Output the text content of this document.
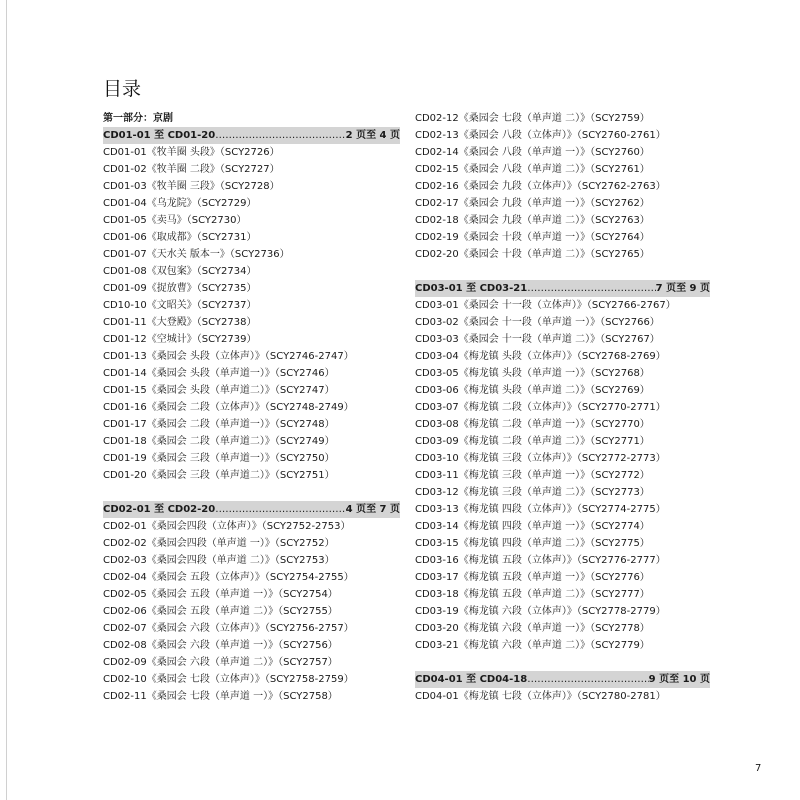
目录
第一部分：京剧
CD01-01 至 CD01-20 …………………………………………………………………………………………	2 页至 4 页
CD01-01《牧羊圈 头段》（SCY2726）
CD01-02《牧羊圈 二段》（SCY2727）
CD01-03《牧羊圈 三段》（SCY2728）
CD01-04《乌龙院》（SCY2729）
CD01-05《卖马》（SCY2730）
CD01-06《取成都》（SCY2731）
CD01-07《天水关 版本一》（SCY2736）
CD01-08《双包案》（SCY2734）
CD01-09《捉放曹》（SCY2735）
CD10-10《文昭关》（SCY2737）
CD01-11《大登殿》（SCY2738）
CD01-12《空城计》（SCY2739）
CD01-13《桑园会 头段（立体声）》（SCY2746-2747）
CD01-14《桑园会 头段（单声道一）》（SCY2746）
CD01-15《桑园会 头段（单声道二）》（SCY2747）
CD01-16《桑园会 二段（立体声）》（SCY2748-2749）
CD01-17《桑园会 二段（单声道一）》（SCY2748）
CD01-18《桑园会 二段（单声道二）》（SCY2749）
CD01-19《桑园会 三段（单声道一）》（SCY2750）
CD01-20《桑园会 三段（单声道二）》（SCY2751）
CD02-01 至 CD02-20 …………………………………………………………………………………………	4 页至 7 页
CD02-01《桑园会四段（立体声）》（SCY2752-2753）
CD02-02《桑园会四段（单声道 一）》（SCY2752）
CD02-03《桑园会四段（单声道 二）》（SCY2753）
CD02-04《桑园会 五段（立体声）》（SCY2754-2755）
CD02-05《桑园会 五段（单声道 一）》（SCY2754）
CD02-06《桑园会 五段（单声道 二）》（SCY2755）
CD02-07《桑园会 六段（立体声）》（SCY2756-2757）
CD02-08《桑园会 六段（单声道 一）》（SCY2756）
CD02-09《桑园会 六段（单声道 二）》（SCY2757）
CD02-10《桑园会 七段（立体声）》（SCY2758-2759）
CD02-11《桑园会 七段（单声道 一）》（SCY2758）
CD02-12《桑园会 七段（单声道 二）》（SCY2759）
CD02-13《桑园会 八段（立体声）》（SCY2760-2761）
CD02-14《桑园会 八段（单声道 一）》（SCY2760）
CD02-15《桑园会 八段（单声道 二）》（SCY2761）
CD02-16《桑园会 九段（立体声）》（SCY2762-2763）
CD02-17《桑园会 九段（单声道 一）》（SCY2762）
CD02-18《桑园会 九段（单声道 二）》（SCY2763）
CD02-19《桑园会 十段（单声道 一）》（SCY2764）
CD02-20《桑园会 十段（单声道 二）》（SCY2765）
CD03-01 至 CD03-21 …………………………………………………………………………………………	7 页至 9 页
CD03-01《桑园会 十一段（立体声）》（SCY2766-2767）
CD03-02《桑园会 十一段（单声道 一）》（SCY2766）
CD03-03《桑园会 十一段（单声道 二）》（SCY2767）
CD03-04《梅龙镇 头段（立体声）》（SCY2768-2769）
CD03-05《梅龙镇 头段（单声道 一）》（SCY2768）
CD03-06《梅龙镇 头段（单声道 二）》（SCY2769）
CD03-07《梅龙镇 二段（立体声）》（SCY2770-2771）
CD03-08《梅龙镇 二段（单声道 一）》（SCY2770）
CD03-09《梅龙镇 二段（单声道 二）》（SCY2771）
CD03-10《梅龙镇 三段（立体声）》（SCY2772-2773）
CD03-11《梅龙镇 三段（单声道 一）》（SCY2772）
CD03-12《梅龙镇 三段（单声道 二）》（SCY2773）
CD03-13《梅龙镇 四段（立体声）》（SCY2774-2775）
CD03-14《梅龙镇 四段（单声道 一）》（SCY2774）
CD03-15《梅龙镇 四段（单声道 二）》（SCY2775）
CD03-16《梅龙镇 五段（立体声）》（SCY2776-2777）
CD03-17《梅龙镇 五段（单声道 一）》（SCY2776）
CD03-18《梅龙镇 五段（单声道 二）》（SCY2777）
CD03-19《梅龙镇 六段（立体声）》（SCY2778-2779）
CD03-20《梅龙镇 六段（单声道 一）》（SCY2778）
CD03-21《梅龙镇 六段（单声道 二）》（SCY2779）
CD04-01 至 CD04-18 …………………………………………………………………………………………	9 页至 10 页
CD04-01《梅龙镇 七段（立体声）》（SCY2780-2781）
7
